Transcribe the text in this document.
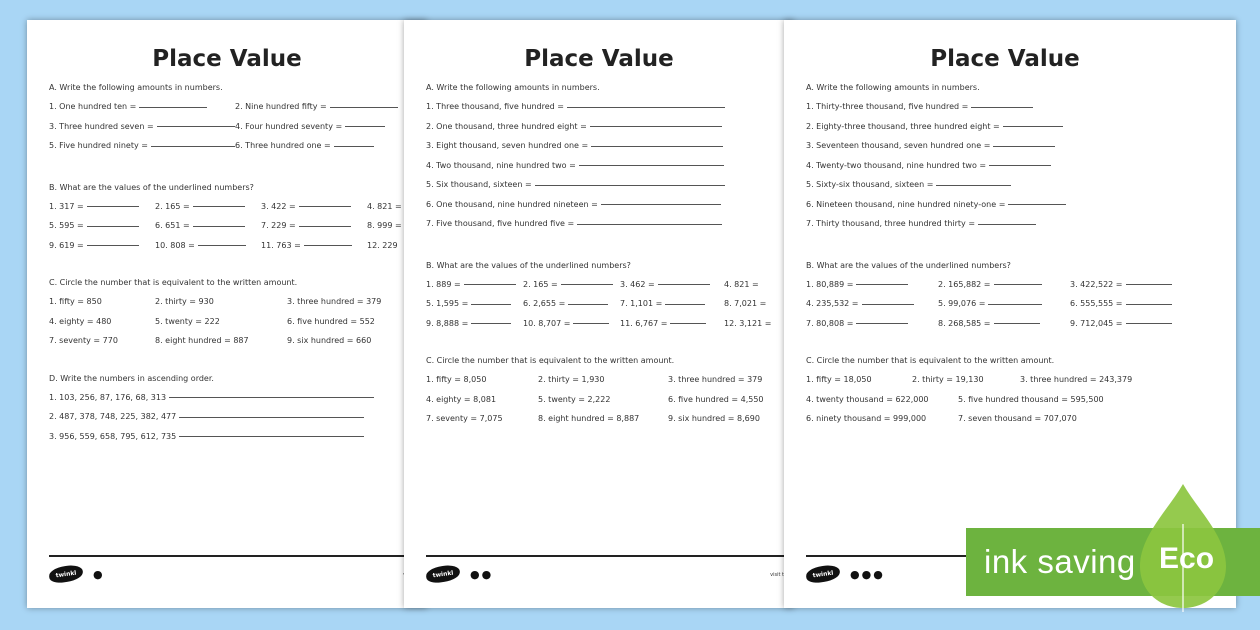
Place Value
A. Write the following amounts in numbers.
1. One hundred ten =	2. Nine hundred fifty =
3. Three hundred seven =	4. Four hundred seventy =
5. Five hundred ninety =	6. Three hundred one =
B. What are the values of the underlined numbers?
1. 317 =	2. 165 =	3. 422 =	4. 821 =
5. 595 =	6. 651 =	7. 229 =	8. 999 =
9. 619 =	10. 808 =	11. 763 =	12. 229
C. Circle the number that is equivalent to the written amount.
1. fifty = 850	2. thirty = 930	3. three hundred = 379
4. eighty = 480	5. twenty = 222	6. five hundred = 552
7. seventy = 770	8. eight hundred = 887	9. six hundred = 660
D. Write the numbers in ascending order.
1. 103, 256, 87, 176, 68, 313
2. 487, 378, 748, 225, 382, 477
3. 956, 559, 658, 795, 612, 735
twinkl	●
Place Value
A. Write the following amounts in numbers.
1. Three thousand, five hundred =
2. One thousand, three hundred eight =
3. Eight thousand, seven hundred one =
4. Two thousand, nine hundred two =
5. Six thousand, sixteen =
6. One thousand, nine hundred nineteen =
7. Five thousand, five hundred five =
B. What are the values of the underlined numbers?
1. 889 =	2. 165 =	3. 462 =	4. 821 =
5. 1,595 =	6. 2,655 =	7. 1,101 =	8. 7,021 =
9. 8,888 =	10. 8,707 =	11. 6,767 =	12. 3,121 =
C. Circle the number that is equivalent to the written amount.
1. fifty = 8,050	2. thirty = 1,930	3. three hundred = 379
4. eighty = 8,081	5. twenty = 2,222	6. five hundred = 4,550
7. seventy = 7,075	8. eight hundred = 8,887	9. six hundred = 8,690
twinkl	●●	visit t
Place Value
A. Write the following amounts in numbers.
1. Thirty-three thousand, five hundred =
2. Eighty-three thousand, three hundred eight =
3. Seventeen thousand, seven hundred one =
4. Twenty-two thousand, nine hundred two =
5. Sixty-six thousand, sixteen =
6. Nineteen thousand, nine hundred ninety-one =
7. Thirty thousand, three hundred thirty =
B. What are the values of the underlined numbers?
1. 80,889 =	2. 165,882 =	3. 422,522 =
4. 235,532 =	5. 99,076 =	6. 555,555 =
7. 80,808 =	8. 268,585 =	9. 712,045 =
C. Circle the number that is equivalent to the written amount.
1. fifty = 18,050	2. thirty = 19,130	3. three hundred = 243,379
4. twenty thousand = 622,000	5. five hundred thousand = 595,500
6. ninety thousand = 999,000	7. seven thousand = 707,070
twinkl	●●●	ink saving Eco
